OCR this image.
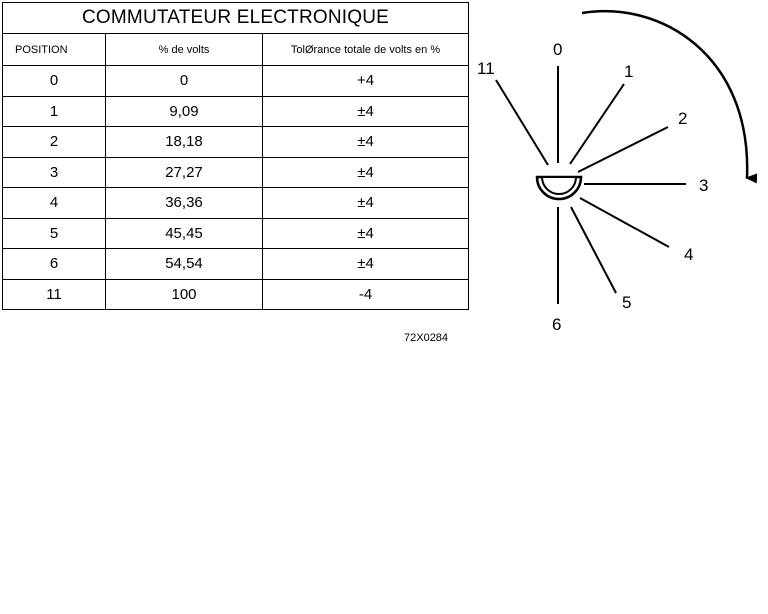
COMMUTATEUR ELECTRONIQUE		
POSITION	% de volts	TolØrance totale de volts en %
0	0	+4
1	9,09	±4
2	18,18	±4
3	27,27	±4
4	36,36	±4
5	45,45	±4
6	54,54	±4
11	100	-4
72X0284
11
0
1
2
3
4
5
6
